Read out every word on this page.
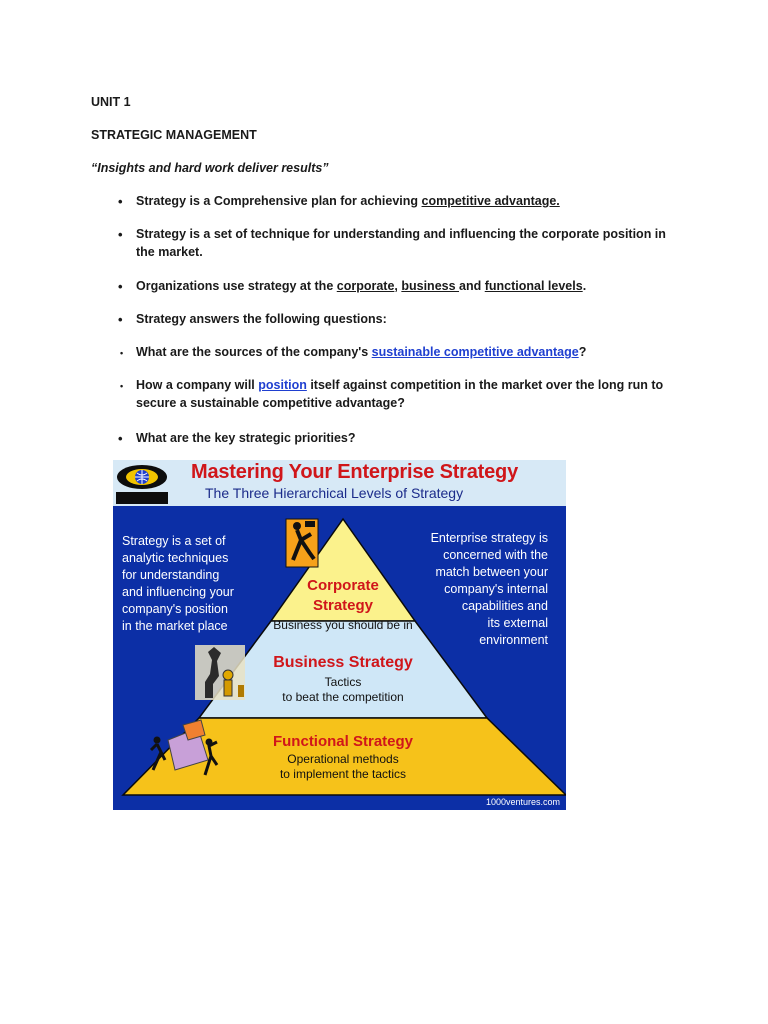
UNIT 1
STRATEGIC MANAGEMENT
“Insights and hard work deliver results”
• Strategy is a Comprehensive plan for achieving competitive advantage.
• Strategy is a set of technique for understanding and influencing the corporate position in the market.
• Organizations use strategy at the corporate, business and functional levels.
• Strategy answers the following questions:
• What are the sources of the company's sustainable competitive advantage?
• How a company will position itself against competition in the market over the long run to secure a sustainable competitive advantage?
• What are the key strategic priorities?
Mastering Your Enterprise Strategy
The Three Hierarchical Levels of Strategy
Strategy is a set of
analytic techniques
for understanding
and influencing your
company's position
in the market place
Enterprise strategy is
concerned with the
match between your
company's internal
capabilities and
its external
environment
Corporate
Strategy
Business you should be in
Business Strategy
Tactics
to beat the competition
Functional Strategy
Operational methods
to implement the tactics
1000ventures.com
